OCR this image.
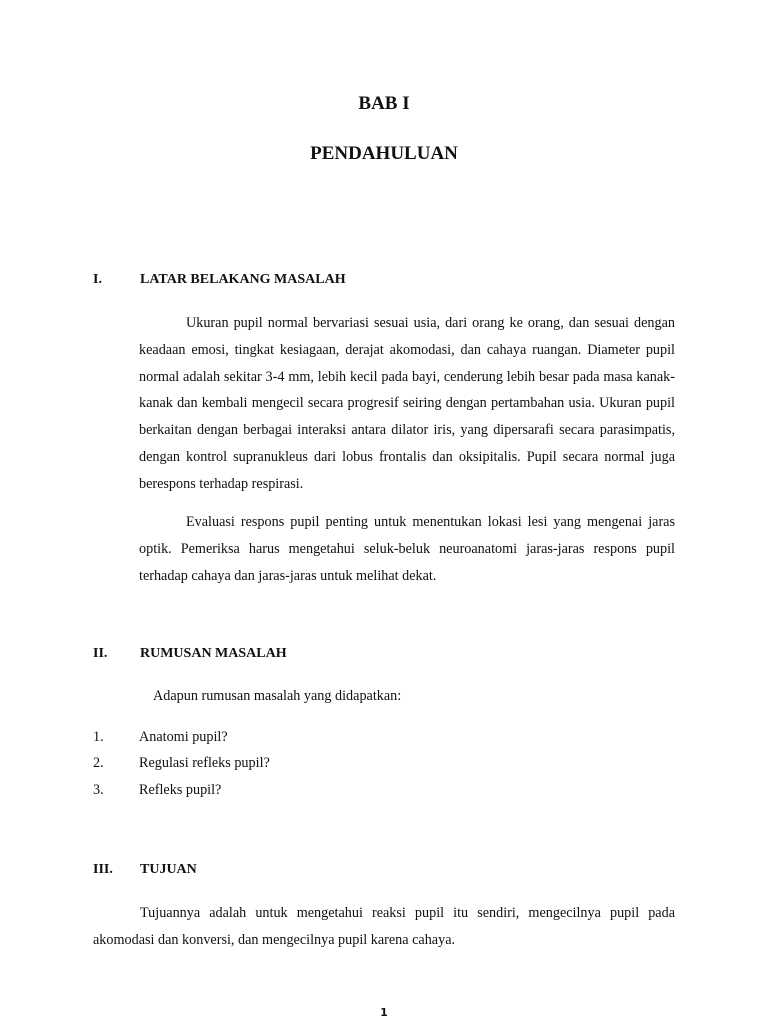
BAB I
PENDAHULUAN
I.	LATAR BELAKANG MASALAH

Ukuran pupil normal bervariasi sesuai usia, dari orang ke orang, dan sesuai dengan keadaan emosi, tingkat kesiagaan, derajat akomodasi, dan cahaya ruangan. Diameter pupil normal adalah sekitar 3-4 mm, lebih kecil pada bayi, cenderung lebih besar pada masa kanak-kanak dan kembali mengecil secara progresif seiring dengan pertambahan usia. Ukuran pupil berkaitan dengan berbagai interaksi antara dilator iris, yang dipersarafi secara parasimpatis, dengan kontrol supranukleus dari lobus frontalis dan oksipitalis. Pupil secara normal juga berespons terhadap respirasi.

Evaluasi respons pupil penting untuk menentukan lokasi lesi yang mengenai jaras optik. Pemeriksa harus mengetahui seluk-beluk neuroanatomi jaras-jaras respons pupil terhadap cahaya dan jaras-jaras untuk melihat dekat.

II. RUMUSAN MASALAH

Adapun rumusan masalah yang didapatkan:

1. Anatomi pupil?
2. Regulasi refleks pupil?
3. Refleks pupil?
III. TUJUAN

Tujuannya adalah untuk mengetahui reaksi pupil itu sendiri, mengecilnya pupil pada akomodasi dan konversi, dan mengecilnya pupil karena cahaya.

1
